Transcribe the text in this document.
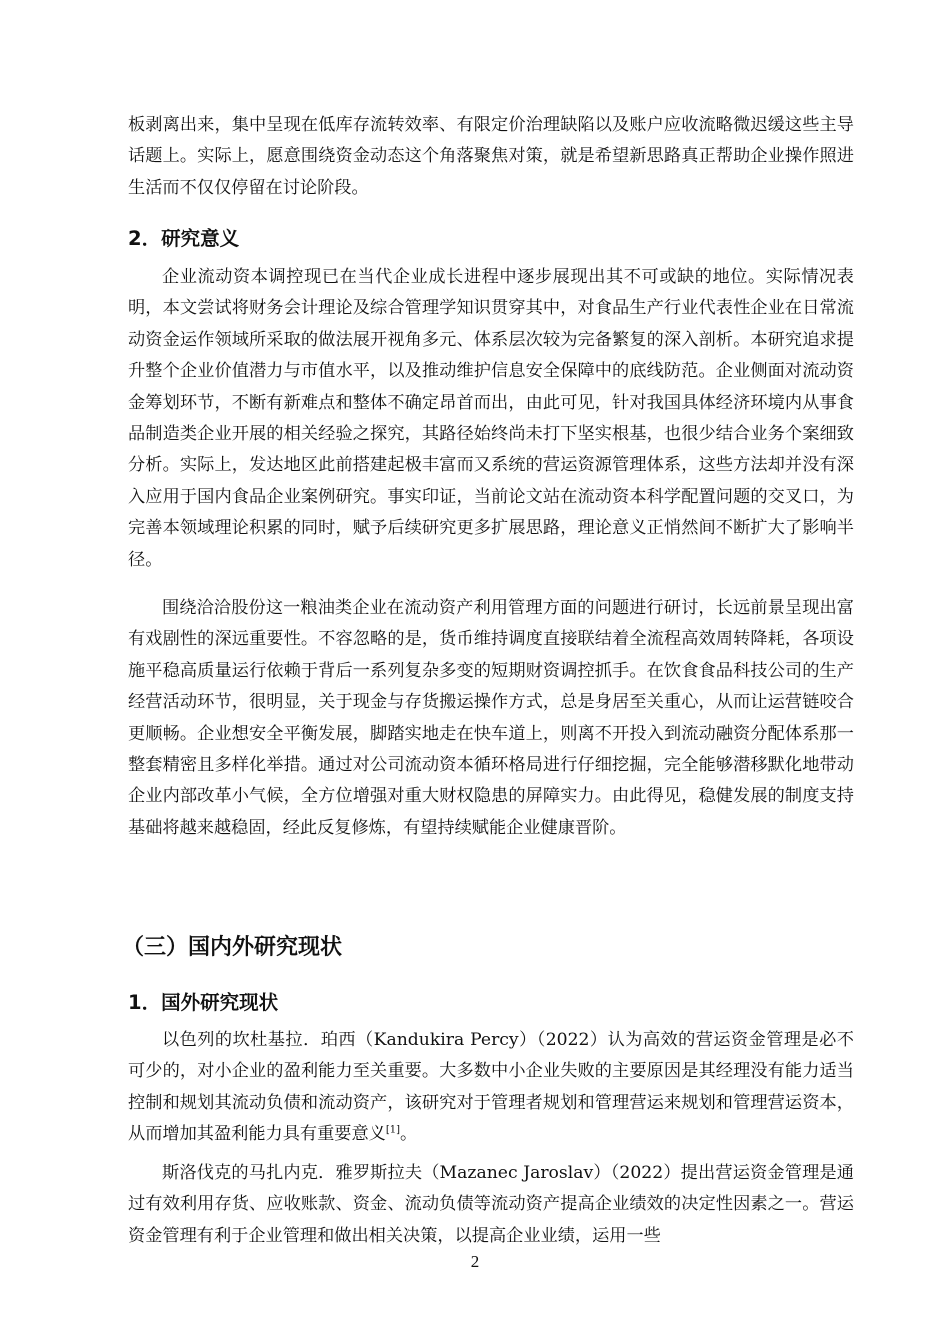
板剥离出来，集中呈现在低库存流转效率、有限定价治理缺陷以及账户应收流略微迟缓这些主导话题上。实际上，愿意围绕资金动态这个角落聚焦对策，就是希望新思路真正帮助企业操作照进生活而不仅仅停留在讨论阶段。

2．研究意义

企业流动资本调控现已在当代企业成长进程中逐步展现出其不可或缺的地位。实际情况表明，本文尝试将财务会计理论及综合管理学知识贯穿其中，对食品生产行业代表性企业在日常流动资金运作领域所采取的做法展开视角多元、体系层次较为完备繁复的深入剖析。本研究追求提升整个企业价值潜力与市值水平，以及推动维护信息安全保障中的底线防范。企业侧面对流动资金筹划环节，不断有新难点和整体不确定昂首而出，由此可见，针对我国具体经济环境内从事食品制造类企业开展的相关经验之探究，其路径始终尚未打下坚实根基，也很少结合业务个案细致分析。实际上，发达地区此前搭建起极丰富而又系统的营运资源管理体系，这些方法却并没有深入应用于国内食品企业案例研究。事实印证，当前论文站在流动资本科学配置问题的交叉口，为完善本领域理论积累的同时，赋予后续研究更多扩展思路，理论意义正悄然间不断扩大了影响半径。

围绕洽洽股份这一粮油类企业在流动资产利用管理方面的问题进行研讨，长远前景呈现出富有戏剧性的深远重要性。不容忽略的是，货币维持调度直接联结着全流程高效周转降耗，各项设施平稳高质量运行依赖于背后一系列复杂多变的短期财资调控抓手。在饮食食品科技公司的生产经营活动环节，很明显，关于现金与存货搬运操作方式，总是身居至关重心，从而让运营链咬合更顺畅。企业想安全平衡发展，脚踏实地走在快车道上，则离不开投入到流动融资分配体系那一整套精密且多样化举措。通过对公司流动资本循环格局进行仔细挖掘，完全能够潜移默化地带动企业内部改革小气候，全方位增强对重大财权隐患的屏障实力。由此得见，稳健发展的制度支持基础将越来越稳固，经此反复修炼，有望持续赋能企业健康晋阶。

（三）国内外研究现状
1．国外研究现状

以色列的坎杜基拉．珀西（Kandukira Percy）（2022）认为高效的营运资金管理是必不可少的，对小企业的盈利能力至关重要。大多数中小企业失败的主要原因是其经理没有能力适当控制和规划其流动负债和流动资产，该研究对于管理者规划和管理营运来规划和管理营运资本，从而增加其盈利能力具有重要意义[1]。

斯洛伐克的马扎内克．雅罗斯拉夫（Mazanec Jaroslav）（2022）提出营运资金管理是通过有效利用存货、应收账款、资金、流动负债等流动资产提高企业绩效的决定性因素之一。营运资金管理有利于企业管理和做出相关决策，以提高企业业绩，运用一些

2
